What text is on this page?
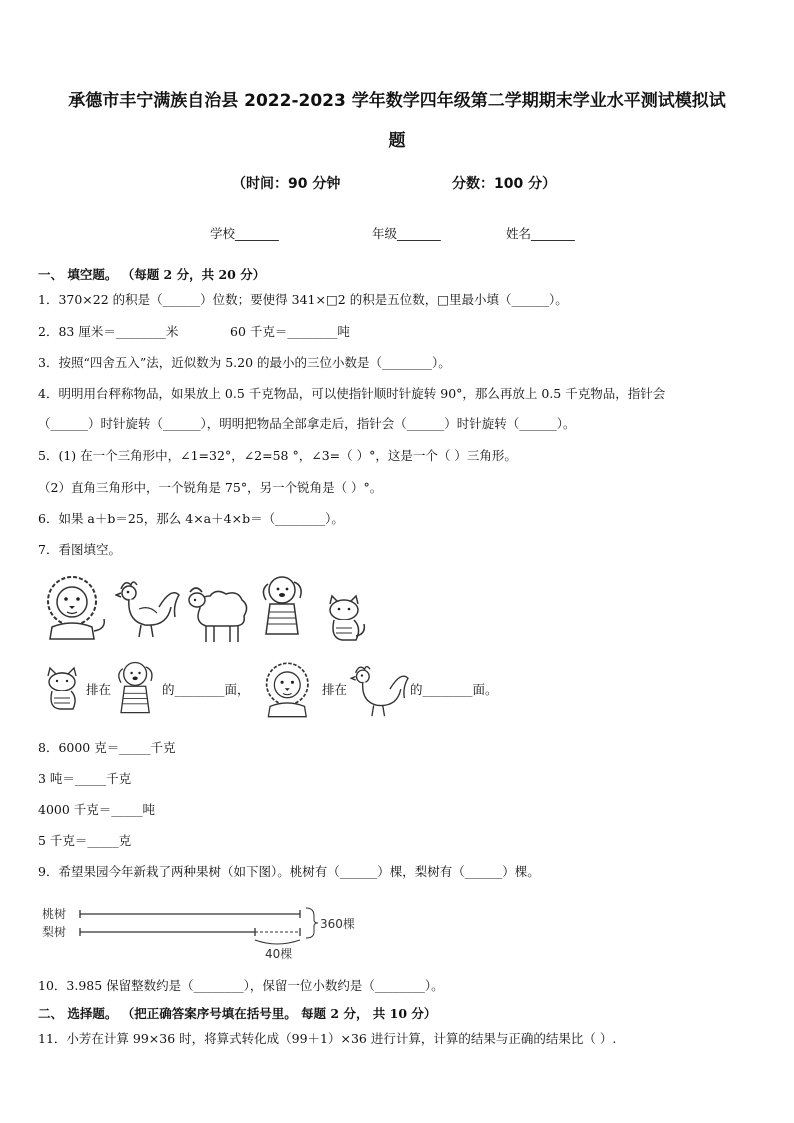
承德市丰宁满族自治县 2022-2023 学年数学四年级第二学期期末学业水平测试模拟试
题
（时间：90 分钟	分数：100 分）
学校_______	年级_______	姓名_______
一、 填空题。 （每题 2 分，共 20 分）
1．370×22 的积是（______）位数；要使得 341×□2 的积是五位数，□里最小填（______）。
2．83 厘米＝________米	60 千克＝________吨
3．按照“四舍五入”法，近似数为 5.20 的最小的三位小数是（________）。
4．明明用台秤称物品，如果放上 0.5 千克物品，可以使指针顺时针旋转 90°，那么再放上 0.5 千克物品，指针会
（______）时针旋转（______），明明把物品全部拿走后，指针会（______）时针旋转（______）。
5．(1) 在一个三角形中，∠1=32°，∠2=58 °，∠3=（ ）°，这是一个（ ）三角形。
（2）直角三角形中，一个锐角是 75°，另一个锐角是（ ）°。
6．如果 a＋b＝25，那么 4×a＋4×b＝（________）。
7．看图填空。
排在	的________面，	排在	的________面。
8．6000 克＝_____千克
3 吨＝_____千克
4000 千克＝_____吨
5 千克＝_____克
9．希望果园今年新栽了两种果树（如下图）。桃树有（______）棵，梨树有（______）棵。
桃树
梨树
360棵
40棵
10．3.985 保留整数约是（________），保留一位小数约是（________）。
二、 选择题。 （把正确答案序号填在括号里。 每题 2 分， 共 10 分）
11．小芳在计算 99×36 时，将算式转化成（99＋1）×36 进行计算，计算的结果与正确的结果比（ ）.
